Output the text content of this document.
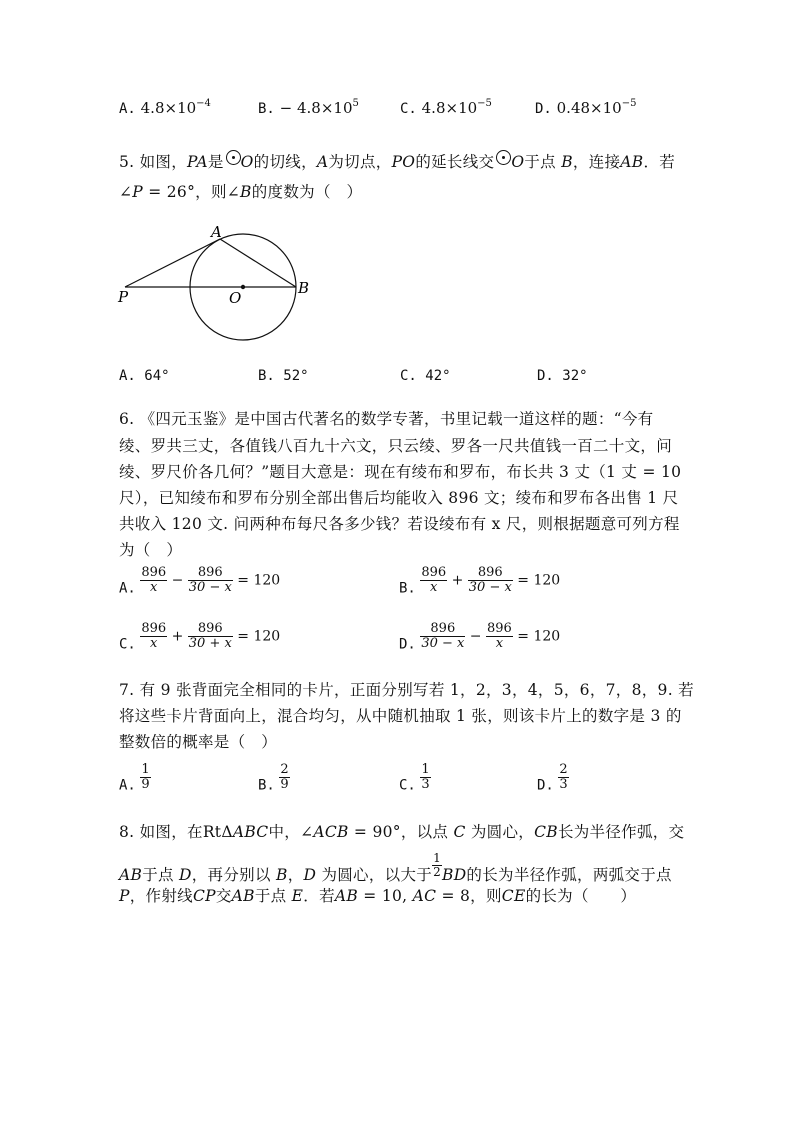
A. $4.8\times 10^{-4}$	B. − $4.8\times 10^5$	C. $4.8\times 10^{-5}$	D. $0.48\times 10^{-5}$
5. 如图，PA是 O的切线，A为切点，PO的延长线交 O于点 B，连接AB．若
∠P = 26°，则∠B的度数为（　）
A
B
O
P
A. 64°	B. 52°	C. 42°	D. 32°
6. 《四元玉鉴》是中国古代著名的数学专著，书里记载一道这样的题：“今有
绫、罗共三丈，各值钱八百九十六文，只云绫、罗各一尺共值钱一百二十文，问
绫、罗尺价各几何？”题目大意是：现在有绫布和罗布，布长共 3 丈（1 丈 = 10
尺），已知绫布和罗布分别全部出售后均能收入 896 文；绫布和罗布各出售 1 尺
共收入 120 文. 问两种布每尺各多少钱？若设绫布有 x 尺，则根据题意可列方程
为（　）
A. $\frac{896}{x} - \frac{896}{30 - x} = 120$	B. $\frac{896}{x} + \frac{896}{30 - x} = 120$
C. $\frac{896}{x} + \frac{896}{30 + x} = 120$	D. $\frac{896}{30 - x} - \frac{896}{x} = 120$
7. 有 9 张背面完全相同的卡片，正面分别写若 1，2，3，4，5，6，7，8，9. 若
将这些卡片背面向上，混合均匀，从中随机抽取 1 张，则该卡片上的数字是 3 的
整数倍的概率是（　）
A. $\frac{1}{9}$	B. $\frac{2}{9}$	C. $\frac{1}{3}$	D. $\frac{2}{3}$
8. 如图，在RtΔABC中，∠ACB = 90°，以点 C 为圆心，CB长为半径作弧，交
AB于点 D，再分别以 B，D 为圆心，以大于 $\frac{1}{2}$ BD的长为半径作弧，两弧交于点
P，作射线CP交AB于点 E．若AB = 10, AC = 8，则CE的长为（　　）
